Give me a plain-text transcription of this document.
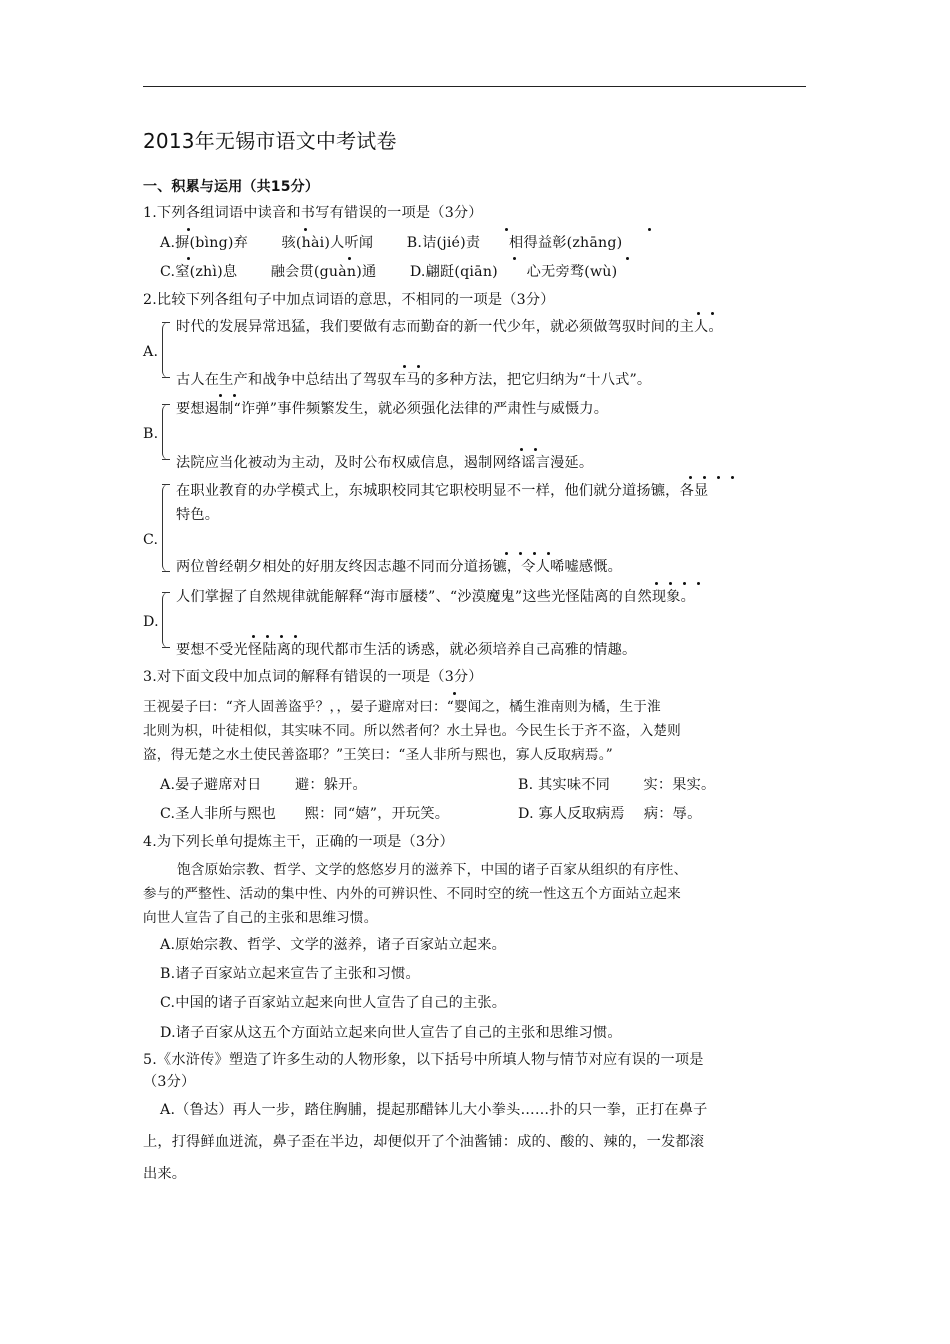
2013年无锡市语文中考试卷
一、积累与运用（共15分）
1.下列各组词语中读音和书写有错误的一项是（3分）
A.摒(bìng)弃　　 骇(hài)人听闻　　 B.诘(jié)责　　相得益彰(zhāng)
C.窒(zhì)息　　 融会贯(guàn)通　　 D.翩跹(qiān)　　心无旁骛(wù)
2.比较下列各组句子中加点词语的意思，不相同的一项是（3分）
A.
时代的发展异常迅猛，我们要做有志而勤奋的新一代少年，就必须做驾驭时间的主人。
古人在生产和战争中总结出了驾驭车马的多种方法，把它归纳为“十八式”。
B.
要想遏制“诈弹”事件频繁发生，就必须强化法律的严肃性与威慑力。
法院应当化被动为主动，及时公布权威信息，遏制网络谣言漫延。
C.
在职业教育的办学模式上，东城职校同其它职校明显不一样，他们就分道扬镳，各显
特色。
两位曾经朝夕相处的好朋友终因志趣不同而分道扬镳，令人唏嘘感慨。
D.
人们掌握了自然规律就能解释“海市蜃楼”、“沙漠魔鬼”这些光怪陆离的自然现象。
要想不受光怪陆离的现代都市生活的诱惑，就必须培养自己高雅的情趣。
3.对下面文段中加点词的解释有错误的一项是（3分）
王视晏子曰：“齐人固善盗乎？，，晏子避席对曰：“婴闻之，橘生淮南则为橘，生于淮
北则为枳，叶徒相似，其实味不同。所以然者何？水土异也。今民生长于齐不盗，入楚则
盗，得无楚之水土使民善盗耶？”王笑曰：“圣人非所与熙也，寡人反取病焉。”
A.晏子避席对日　　 避：躲开。	B. 其实味不同　　 实：果实。
C.圣人非所与熙也　　熙：同“嬉”，开玩笑。	D. 寡人反取病焉　 病：辱。
4.为下列长单句提炼主干，正确的一项是（3分）
饱含原始宗教、哲学、文学的悠悠岁月的滋养下，中国的诸子百家从组织的有序性、
参与的严整性、活动的集中性、内外的可辨识性、不同时空的统一性这五个方面站立起来
向世人宣告了自己的主张和思维习惯。
A.原始宗教、哲学、文学的滋养，诸子百家站立起来。
B.诸子百家站立起来宣告了主张和习惯。
C.中国的诸子百家站立起来向世人宣告了自己的主张。
D.诸子百家从这五个方面站立起来向世人宣告了自己的主张和思维习惯。
5.《水浒传》塑造了许多生动的人物形象，以下括号中所填人物与情节对应有误的一项是
（3分）
A.（鲁达）再人一步，踏住胸脯，提起那醋钵儿大小拳头……扑的只一拳，正打在鼻子
上，打得鲜血迸流，鼻子歪在半边，却便似开了个油酱铺：成的、酸的、辣的，一发都滚
出来。
